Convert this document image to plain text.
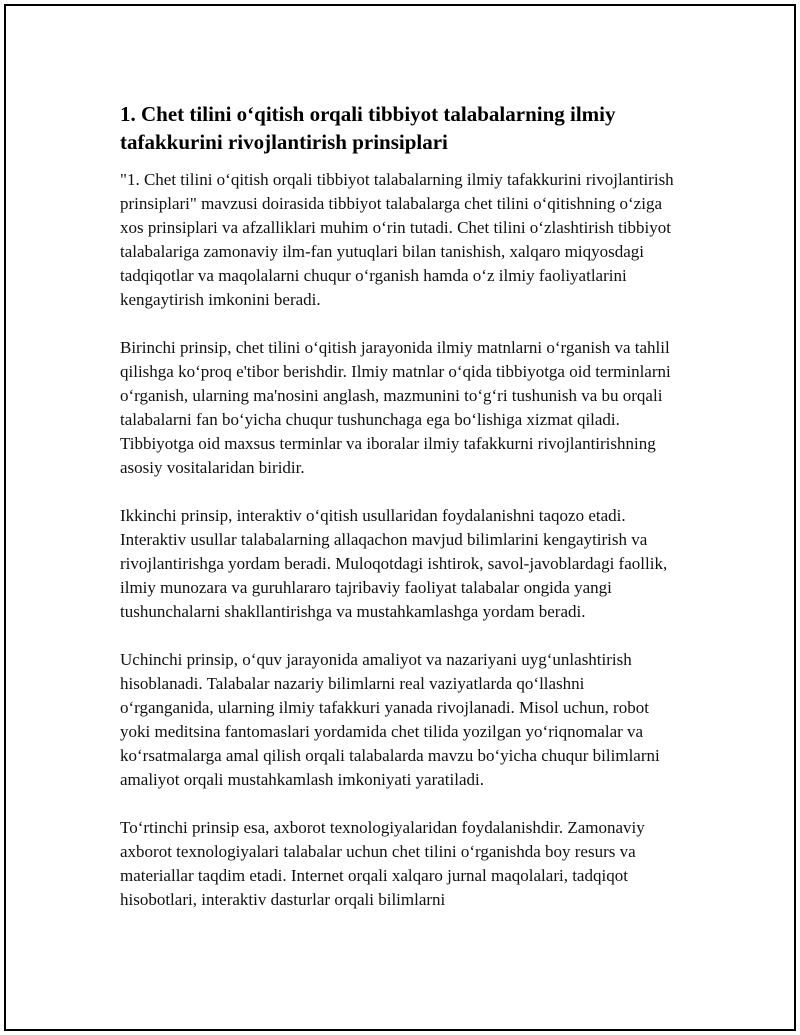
1. Chet tilini o‘qitish orqali tibbiyot talabalarning ilmiy tafakkurini rivojlantirish prinsiplari

"1. Chet tilini o‘qitish orqali tibbiyot talabalarning ilmiy tafakkurini rivojlantirish prinsiplari" mavzusi doirasida tibbiyot talabalarga chet tilini o‘qitishning o‘ziga xos prinsiplari va afzalliklari muhim o‘rin tutadi. Chet tilini o‘zlashtirish tibbiyot talabalariga zamonaviy ilm-fan yutuqlari bilan tanishish, xalqaro miqyosdagi tadqiqotlar va maqolalarni chuqur o‘rganish hamda o‘z ilmiy faoliyatlarini kengaytirish imkonini beradi.

Birinchi prinsip, chet tilini o‘qitish jarayonida ilmiy matnlarni o‘rganish va tahlil qilishga ko‘proq e'tibor berishdir. Ilmiy matnlar o‘qida tibbiyotga oid terminlarni o‘rganish, ularning ma'nosini anglash, mazmunini to‘g‘ri tushunish va bu orqali talabalarni fan bo‘yicha chuqur tushunchaga ega bo‘lishiga xizmat qiladi. Tibbiyotga oid maxsus terminlar va iboralar ilmiy tafakkurni rivojlantirishning asosiy vositalaridan biridir.

Ikkinchi prinsip, interaktiv o‘qitish usullaridan foydalanishni taqozo etadi. Interaktiv usullar talabalarning allaqachon mavjud bilimlarini kengaytirish va rivojlantirishga yordam beradi. Muloqotdagi ishtirok, savol-javoblardagi faollik, ilmiy munozara va guruhlararo tajribaviy faoliyat talabalar ongida yangi tushunchalarni shakllantirishga va mustahkamlashga yordam beradi.

Uchinchi prinsip, o‘quv jarayonida amaliyot va nazariyani uyg‘unlashtirish hisoblanadi. Talabalar nazariy bilimlarni real vaziyatlarda qo‘llashni o‘rganganida, ularning ilmiy tafakkuri yanada rivojlanadi. Misol uchun, robot yoki meditsina fantomaslari yordamida chet tilida yozilgan yo‘riqnomalar va ko‘rsatmalarga amal qilish orqali talabalarda mavzu bo‘yicha chuqur bilimlarni amaliyot orqali mustahkamlash imkoniyati yaratiladi.

To‘rtinchi prinsip esa, axborot texnologiyalaridan foydalanishdir. Zamonaviy axborot texnologiyalari talabalar uchun chet tilini o‘rganishda boy resurs va materiallar taqdim etadi. Internet orqali xalqaro jurnal maqolalari, tadqiqot hisobotlari, interaktiv dasturlar orqali bilimlarni
